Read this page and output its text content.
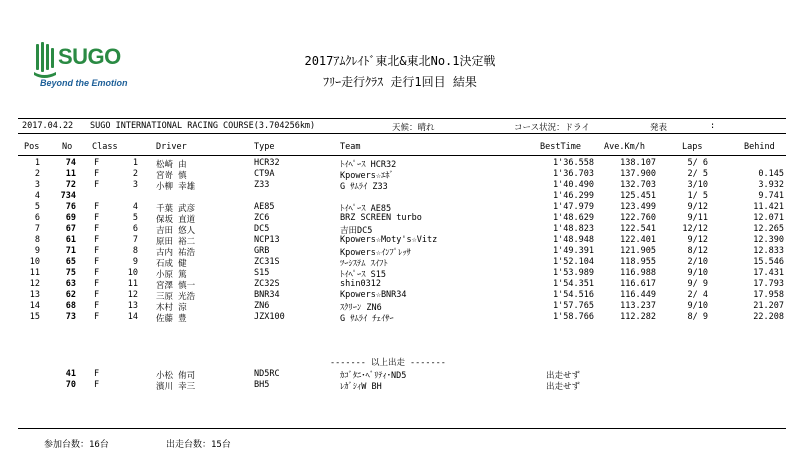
SUGO
Beyond the Emotion
2017ｱﾑｸﾚｲﾄﾞ東北&東北No.1決定戦
ﾌﾘｰ走行ｸﾗｽ 走行1回目 結果
2017.04.22 SUGO INTERNATIONAL RACING COURSE(3.704256km)	天候：晴れ	コース状況：ドライ	発表	:
Pos	No Class	Driver	Type	Team	BestTime	Ave.Km/h	Laps	Behind
1	74 F	1 松崎 由	HCR32	ﾄｲﾍﾟｰｽ HCR32	1'36.558	138.107	5/ 6
2	11 F	2 宮嵜 慎	CT9A	Kpowers☆ｴﾎﾞ	1'36.703	137.900	2/ 5	0.145
3	72 F	3 小柳 幸雄	Z33	G ｻﾑﾗｲ Z33	1'40.490	132.703	3/10	3.932
4	734	1'46.299	125.451	1/ 5	9.741
5	76 F	4 千葉 武彦	AE85	ﾄｲﾍﾟｰｽ AE85	1'47.979	123.499	9/12	11.421
6	69 F	5 保坂 直道	ZC6	BRZ SCREEN turbo	1'48.629	122.760	9/11	12.071
7	67 F	6 吉田 悠人	DC5	吉田DC5	1'48.823	122.541	12/12	12.265
8	61 F	7 原田 裕二	NCP13	Kpowers☆Moty's☆Vitz	1'48.948	122.401	9/12	12.390
9	71 F	8 古内 祐浩	GRB	Kpowers☆ｲﾝﾌﾟﾚｯｻ	1'49.391	121.905	8/12	12.833
10	65 F	9 石成 健	ZC31S	ﾂｰｼｽﾃﾑ ｽｲﾌﾄ	1'52.104	118.955	2/10	15.546
11	75 F	10 小原 篤	S15	ﾄｲﾍﾟｰｽ S15	1'53.989	116.988	9/10	17.431
12	63 F	11 宮澤 慎一	ZC32S	shin0312	1'54.351	116.617	9/ 9	17.793
13	62 F	12 三原 光浩	BNR34	Kpowers☆BNR34	1'54.516	116.449	2/ 4	17.958
14	68 F	13 木村 涼	ZN6	ｽｸﾘｰﾝ ZN6	1'57.765	113.237	9/10	21.207
15	73 F	14 佐藤 豊	JZX100	G ｻﾑﾗｲ ﾁｪｲｻｰ	1'58.766	112.282	8/ 9	22.208
------- 以上出走 -------
41 F	小松 侑司	ND5RC	ｶｺﾞﾀﾆ･ﾍﾞﾘﾃｨ･ND5	出走せず
70 F	濱川 幸三	BH5	ﾚｶﾞｼｨW BH	出走せず
参加台数：16台	出走台数：15台
